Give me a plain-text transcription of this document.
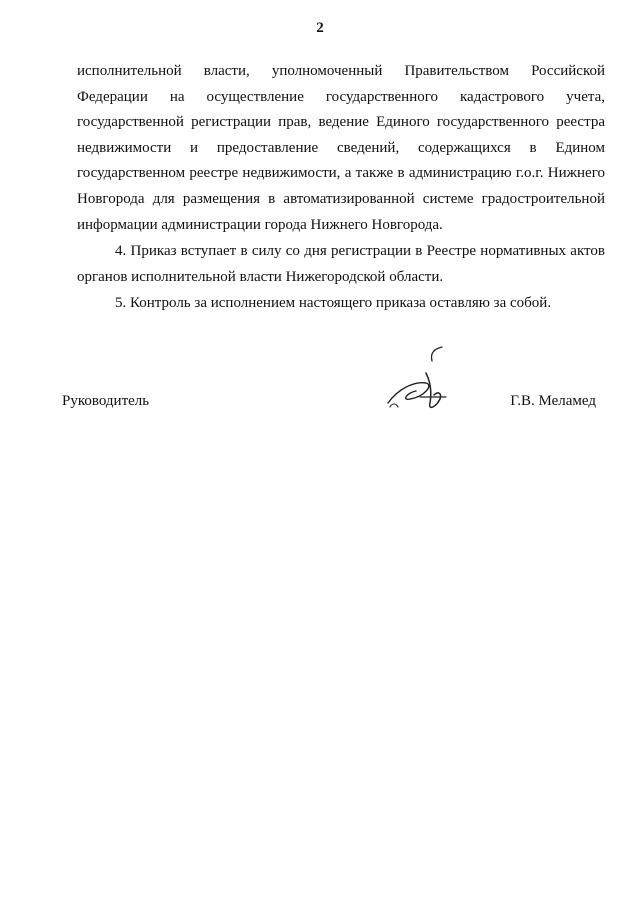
2

исполнительной власти, уполномоченный Правительством Российской Федерации на осуществление государственного кадастрового учета, государственной регистрации прав, ведение Единого государственного реестра недвижимости и предоставление сведений, содержащихся в Едином государственном реестре недвижимости, а также в администрацию г.о.г. Нижнего Новгорода для размещения в автоматизированной системе градостроительной информации администрации города Нижнего Новгорода.

4. Приказ вступает в силу со дня регистрации в Реестре нормативных актов органов исполнительной власти Нижегородской области.

5. Контроль за исполнением настоящего приказа оставляю за собой.

Руководитель	Г.В. Меламед
